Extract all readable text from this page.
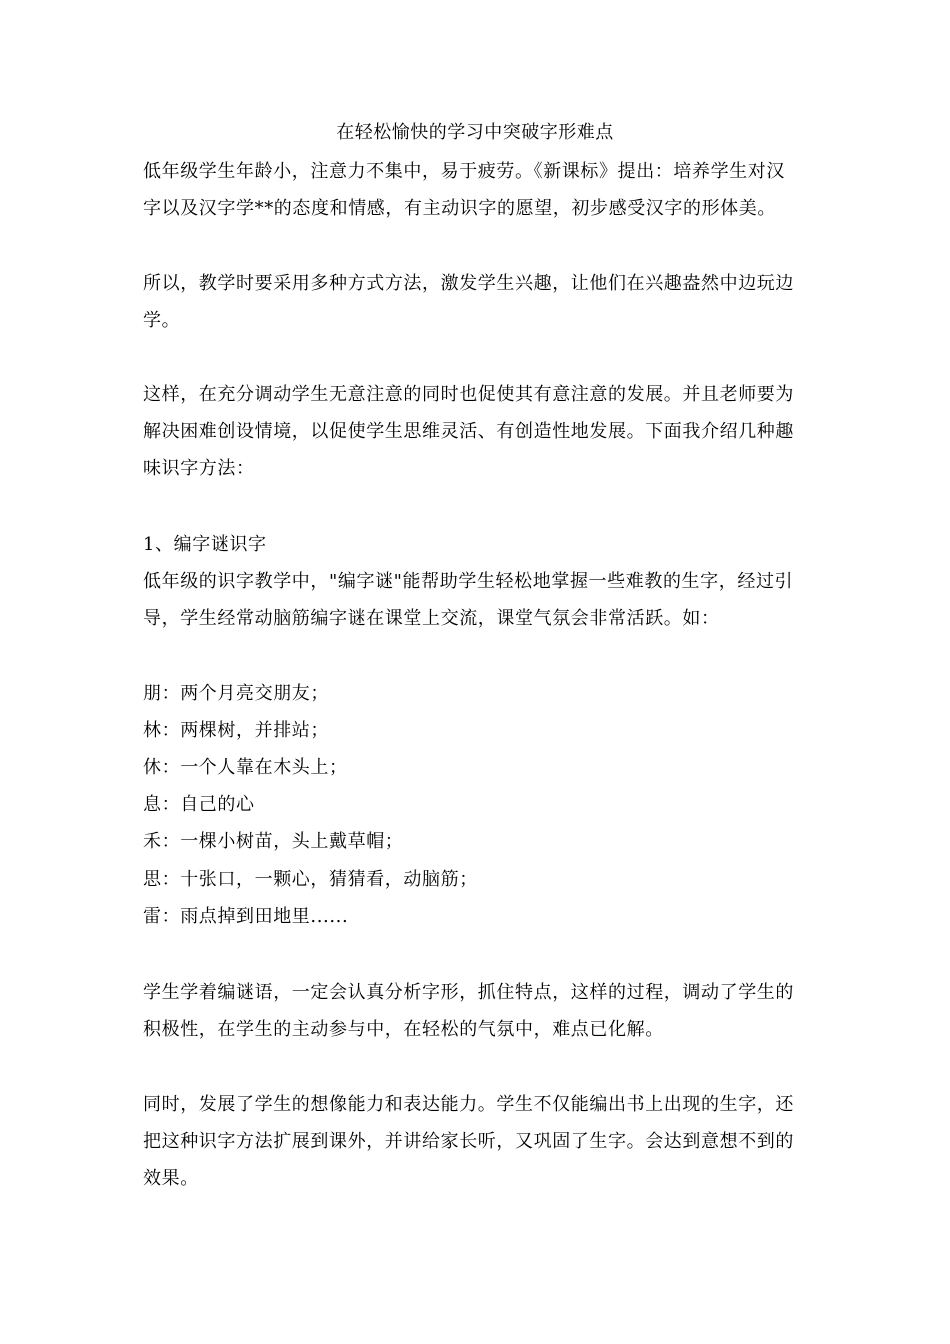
在轻松愉快的学习中突破字形难点
低年级学生年龄小，注意力不集中，易于疲劳。《新课标》提出：培养学生对汉
字以及汉字学**的态度和情感，有主动识字的愿望，初步感受汉字的形体美。
所以，教学时要采用多种方式方法，激发学生兴趣，让他们在兴趣盎然中边玩边
学。
这样，在充分调动学生无意注意的同时也促使其有意注意的发展。并且老师要为
解决困难创设情境，以促使学生思维灵活、有创造性地发展。下面我介绍几种趣
味识字方法：
1、编字谜识字
低年级的识字教学中，"编字谜"能帮助学生轻松地掌握一些难教的生字，经过引
导，学生经常动脑筋编字谜在课堂上交流，课堂气氛会非常活跃。如：
朋：两个月亮交朋友；
林：两棵树，并排站；
休：一个人靠在木头上；
息：自己的心
禾：一棵小树苗，头上戴草帽；
思：十张口，一颗心，猜猜看，动脑筋；
雷：雨点掉到田地里......
学生学着编谜语，一定会认真分析字形，抓住特点，这样的过程，调动了学生的
积极性，在学生的主动参与中，在轻松的气氛中，难点已化解。
同时，发展了学生的想像能力和表达能力。学生不仅能编出书上出现的生字，还
把这种识字方法扩展到课外，并讲给家长听，又巩固了生字。会达到意想不到的
效果。
